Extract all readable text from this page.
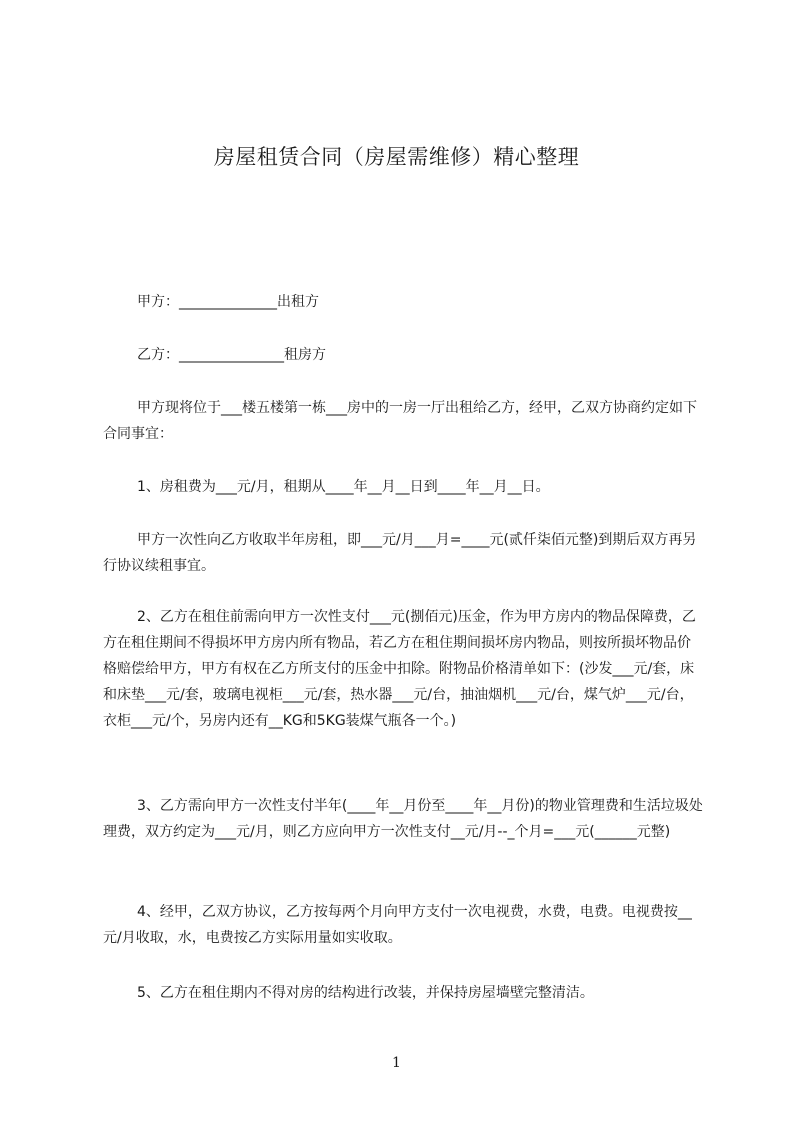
房屋租赁合同（房屋需维修）精心整理

甲方：______________出租方

乙方：_______________租房方

甲方现将位于___楼五楼第一栋___房中的一房一厅出租给乙方，经甲，乙双方协商约定如下合同事宜：

1、房租费为___元/月，租期从____年__月__日到____年__月__日。

甲方一次性向乙方收取半年房租，即___元/月___月=____元(贰仟柒佰元整)到期后双方再另行协议续租事宜。

2、乙方在租住前需向甲方一次性支付___元(捌佰元)压金，作为甲方房内的物品保障费，乙方在租住期间不得损坏甲方房内所有物品，若乙方在租住期间损坏房内物品，则按所损坏物品价格赔偿给甲方，甲方有权在乙方所支付的压金中扣除。附物品价格清单如下：(沙发___元/套，床和床垫___元/套，玻璃电视柜___元/套，热水器___元/台，抽油烟机___元/台，煤气炉___元/台，衣柜___元/个，另房内还有__KG和5KG装煤气瓶各一个。)

3、乙方需向甲方一次性支付半年(____年__月份至____年__月份)的物业管理费和生活垃圾处理费，双方约定为___元/月，则乙方应向甲方一次性支付__元/月--_个月=___元(______元整)

4、经甲，乙双方协议，乙方按每两个月向甲方支付一次电视费，水费，电费。电视费按__元/月收取，水，电费按乙方实际用量如实收取。

5、乙方在租住期内不得对房的结构进行改装，并保持房屋墙壁完整清洁。

1
